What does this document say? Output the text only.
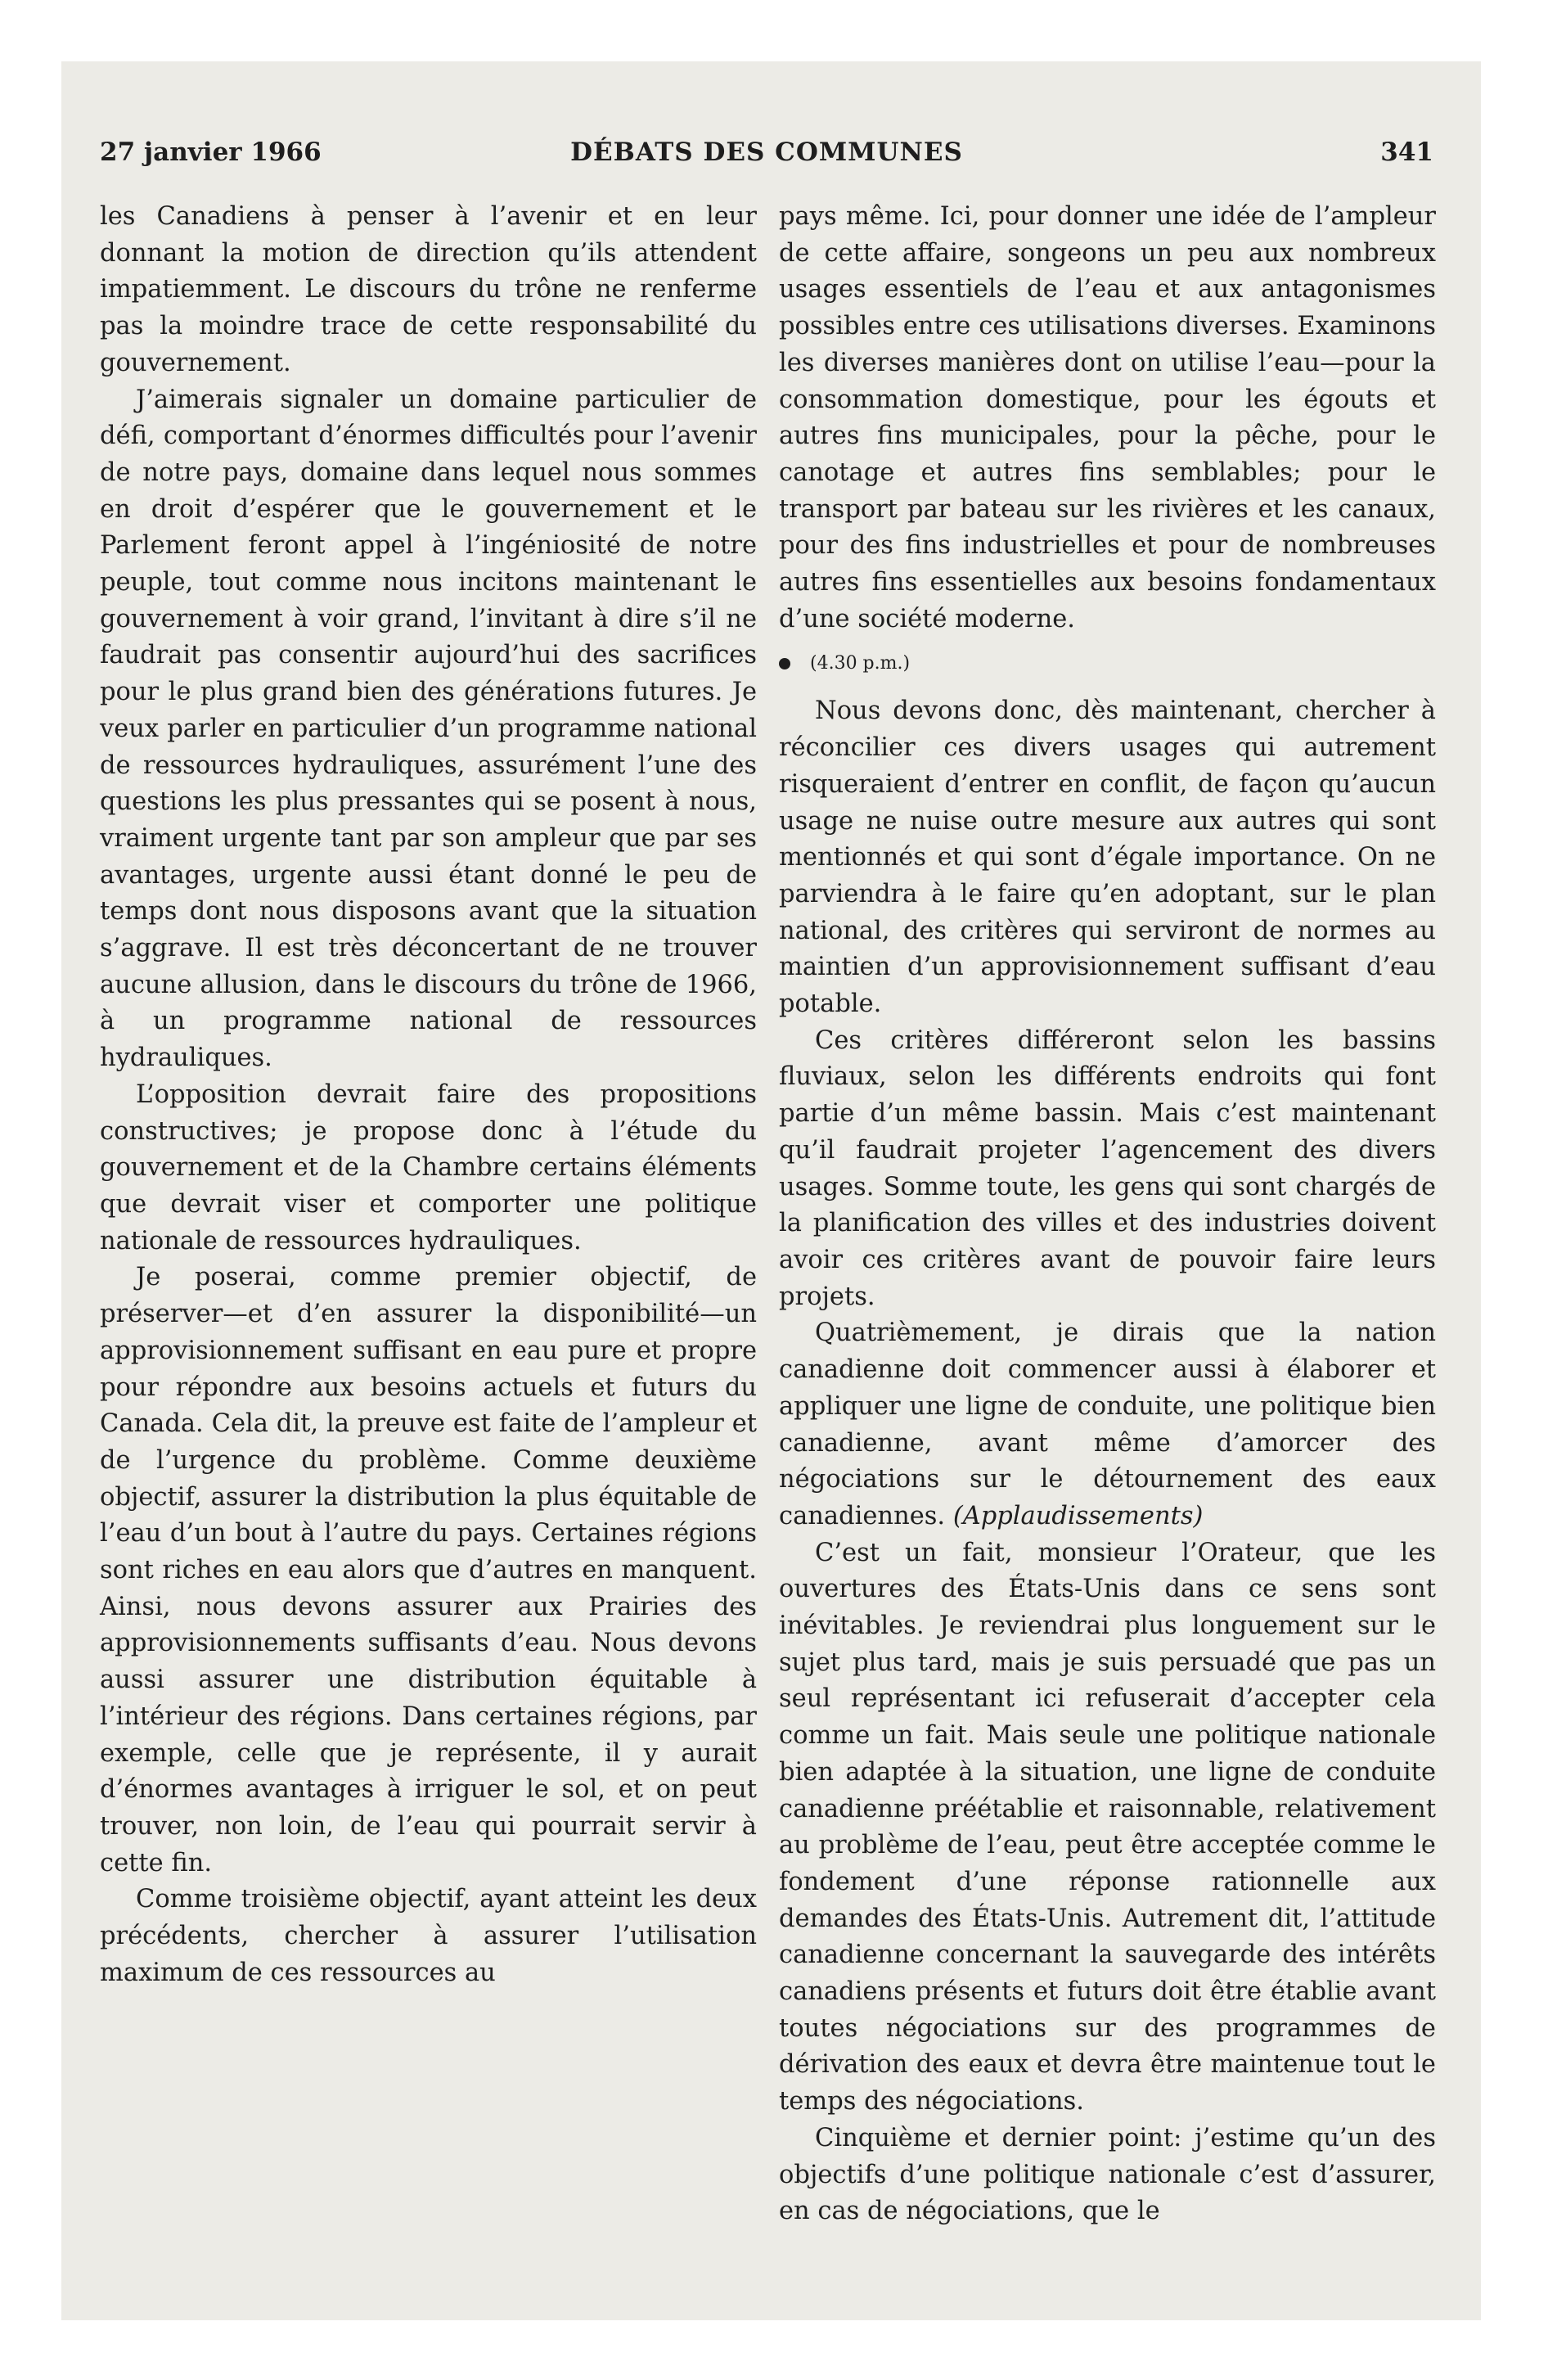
27 janvier 1966	DÉBATS DES COMMUNES	341

les Canadiens à penser à l’avenir et en leur donnant la motion de direction qu’ils attendent impatiemment. Le discours du trône ne renferme pas la moindre trace de cette responsabilité du gouvernement.

J’aimerais signaler un domaine particulier de défi, comportant d’énormes difficultés pour l’avenir de notre pays, domaine dans lequel nous sommes en droit d’espérer que le gouvernement et le Parlement feront appel à l’ingéniosité de notre peuple, tout comme nous incitons maintenant le gouvernement à voir grand, l’invitant à dire s’il ne faudrait pas consentir aujourd’hui des sacrifices pour le plus grand bien des générations futures. Je veux parler en particulier d’un programme national de ressources hydrauliques, assurément l’une des questions les plus pressantes qui se posent à nous, vraiment urgente tant par son ampleur que par ses avantages, urgente aussi étant donné le peu de temps dont nous disposons avant que la situation s’aggrave. Il est très déconcertant de ne trouver aucune allusion, dans le discours du trône de 1966, à un programme national de ressources hydrauliques.

L’opposition devrait faire des propositions constructives; je propose donc à l’étude du gouvernement et de la Chambre certains éléments que devrait viser et comporter une politique nationale de ressources hydrauliques.

Je poserai, comme premier objectif, de préserver—et d’en assurer la disponibilité—un approvisionnement suffisant en eau pure et propre pour répondre aux besoins actuels et futurs du Canada. Cela dit, la preuve est faite de l’ampleur et de l’urgence du problème. Comme deuxième objectif, assurer la distribution la plus équitable de l’eau d’un bout à l’autre du pays. Certaines régions sont riches en eau alors que d’autres en manquent. Ainsi, nous devons assurer aux Prairies des approvisionnements suffisants d’eau. Nous devons aussi assurer une distribution équitable à l’intérieur des régions. Dans certaines régions, par exemple, celle que je représente, il y aurait d’énormes avantages à irriguer le sol, et on peut trouver, non loin, de l’eau qui pourrait servir à cette fin.

Comme troisième objectif, ayant atteint les deux précédents, chercher à assurer l’utilisation maximum de ces ressources au

pays même. Ici, pour donner une idée de l’ampleur de cette affaire, songeons un peu aux nombreux usages essentiels de l’eau et aux antagonismes possibles entre ces utilisations diverses. Examinons les diverses manières dont on utilise l’eau—pour la consommation domestique, pour les égouts et autres fins municipales, pour la pêche, pour le canotage et autres fins semblables; pour le transport par bateau sur les rivières et les canaux, pour des fins industrielles et pour de nombreuses autres fins essentielles aux besoins fondamentaux d’une société moderne.

(4.30 p.m.)

Nous devons donc, dès maintenant, chercher à réconcilier ces divers usages qui autrement risqueraient d’entrer en conflit, de façon qu’aucun usage ne nuise outre mesure aux autres qui sont mentionnés et qui sont d’égale importance. On ne parviendra à le faire qu’en adoptant, sur le plan national, des critères qui serviront de normes au maintien d’un approvisionnement suffisant d’eau potable.

Ces critères différeront selon les bassins fluviaux, selon les différents endroits qui font partie d’un même bassin. Mais c’est maintenant qu’il faudrait projeter l’agencement des divers usages. Somme toute, les gens qui sont chargés de la planification des villes et des industries doivent avoir ces critères avant de pouvoir faire leurs projets.

Quatrièmement, je dirais que la nation canadienne doit commencer aussi à élaborer et appliquer une ligne de conduite, une politique bien canadienne, avant même d’amorcer des négociations sur le détournement des eaux canadiennes. (Applaudissements)

C’est un fait, monsieur l’Orateur, que les ouvertures des États-Unis dans ce sens sont inévitables. Je reviendrai plus longuement sur le sujet plus tard, mais je suis persuadé que pas un seul représentant ici refuserait d’accepter cela comme un fait. Mais seule une politique nationale bien adaptée à la situation, une ligne de conduite canadienne préétablie et raisonnable, relativement au problème de l’eau, peut être acceptée comme le fondement d’une réponse rationnelle aux demandes des États-Unis. Autrement dit, l’attitude canadienne concernant la sauvegarde des intérêts canadiens présents et futurs doit être établie avant toutes négociations sur des programmes de dérivation des eaux et devra être maintenue tout le temps des négociations.

Cinquième et dernier point: j’estime qu’un des objectifs d’une politique nationale c’est d’assurer, en cas de négociations, que le
